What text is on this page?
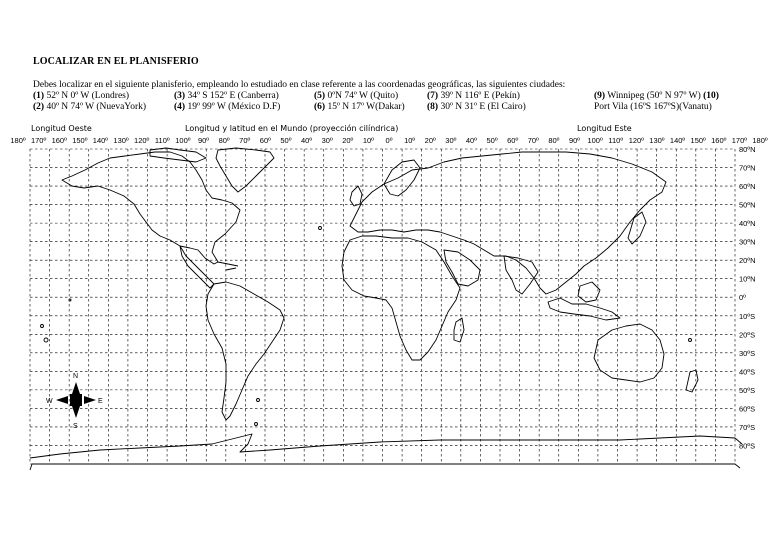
LOCALIZAR EN EL PLANISFERIO
Debes localizar en el siguiente planisferio, empleando lo estudiado en clase referente a las coordenadas geográficas, las siguientes ciudades:
(1) 52º N 0º W (Londres)
(2) 40º N 74º W (NuevaYork)
(3) 34º S 152º E (Canberra)
(4) 19º 99º W (México D.F)
(5) 0ºN 74º W (Quito)
(6) 15º N 17º W(Dakar)
(7) 39º N 116º E (Pekín)
(8) 30º N 31º E (El Cairo)
(9) Winnipeg (50º N 97º W) (10)
Port Vila (16ºS 167ºS)(Vanatu)
Longitud Oeste	Longitud y latitud en el Mundo (proyección cilíndrica)	Longitud Este
180º 170º 160º 150º 140º 130º 120º 110º 100º 90º 80º 70º 60º 50º 40º 30º 20º 10º 0º 10º 20º 30º 40º 50º 60º 70º 80º 90º 100º 110º 120º 130º 140º 150º 160º 170º 180º
80ºN
70ºN
60ºN
50ºN
40ºN
30ºN
20ºN
10ºN
0º
10ºS
20ºS
30ºS
40ºS
50ºS
60ºS
70ºS
80ºS
N
S
E
W
